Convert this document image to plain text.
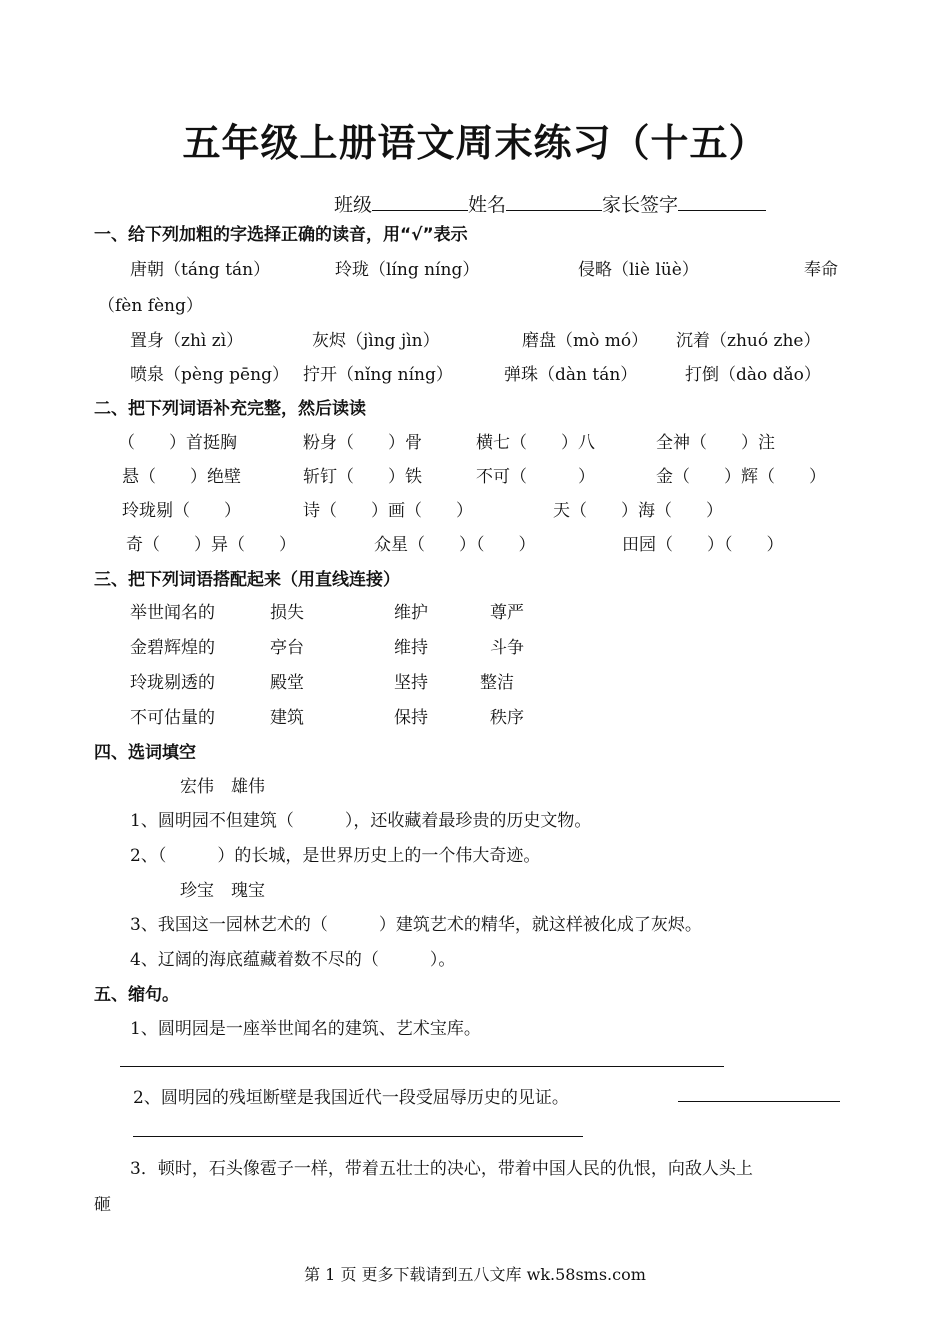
五年级上册语文周末练习（十五）
班级	姓名	家长签字
一、给下列加粗的字选择正确的读音，用“√”表示
唐朝（táng tán）	玲珑（líng níng）	侵略（liè lüè）	奉命
（fèn fèng）
置身（zhì zì）	灰烬（jìng jìn）	磨盘（mò mó） 沉着（zhuó zhe）
喷泉（pèng pēng） 拧开（nǐng níng）	弹珠（dàn tán）	打倒（dào dǎo）
二、把下列词语补充完整，然后读读
（　　）首挺胸	粉身（　　）骨	横七（　　）八	全神（　　）注
悬（　　）绝壁	斩钉（　　）铁	不可（　　　）	金（　　）辉（　　）
玲珑剔（　　）	诗（　　）画（　　）	天（　　）海（　　）
奇（　　）异（　　）	众星（　　）（　　）	田园（　　）（　　）
三、把下列词语搭配起来（用直线连接）
举世闻名的	损失	维护	尊严
金碧辉煌的	亭台	维持	斗争
玲珑剔透的	殿堂	坚持	整洁
不可估量的	建筑	保持	秩序
四、选词填空
宏伟　雄伟
1、圆明园不但建筑（　　　），还收藏着最珍贵的历史文物。
2、（　　　）的长城，是世界历史上的一个伟大奇迹。
珍宝　瑰宝
3、我国这一园林艺术的（　　　）建筑艺术的精华，就这样被化成了灰烬。
4、辽阔的海底蕴藏着数不尽的（　　　）。
五、缩句。
1、圆明园是一座举世闻名的建筑、艺术宝库。
2、圆明园的残垣断壁是我国近代一段受屈辱历史的见证。
3．顿时，石头像雹子一样，带着五壮士的决心，带着中国人民的仇恨，向敌人头上
砸
第 1 页 更多下载请到五八文库 wk.58sms.com
